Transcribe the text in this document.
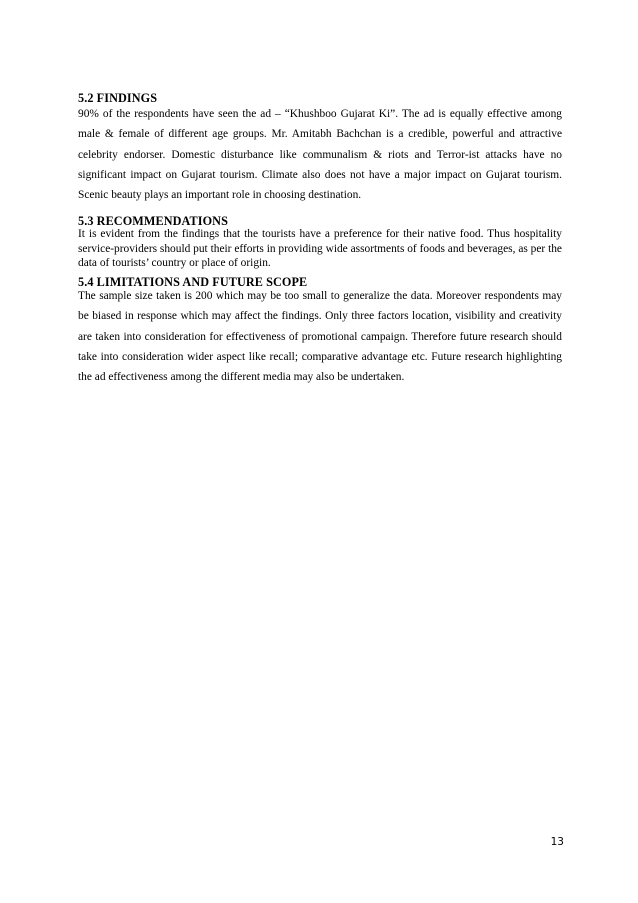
5.2 FINDINGS

90% of the respondents have seen the ad – “Khushboo Gujarat Ki”. The ad is equally effective among male & female of different age groups. Mr. Amitabh Bachchan is a credible, powerful and attractive celebrity endorser. Domestic disturbance like communalism & riots and Terror-ist attacks have no significant impact on Gujarat tourism. Climate also does not have a major impact on Gujarat tourism. Scenic beauty plays an important role in choosing destination.

5.3 RECOMMENDATIONS

It is evident from the findings that the tourists have a preference for their native food. Thus hospitality service-providers should put their efforts in providing wide assortments of foods and beverages, as per the data of tourists’ country or place of origin.

5.4 LIMITATIONS AND FUTURE SCOPE

The sample size taken is 200 which may be too small to generalize the data. Moreover respondents may be biased in response which may affect the findings. Only three factors location, visibility and creativity are taken into consideration for effectiveness of promotional campaign. Therefore future research should take into consideration wider aspect like recall; comparative advantage etc. Future research highlighting the ad effectiveness among the different media may also be undertaken.

13
